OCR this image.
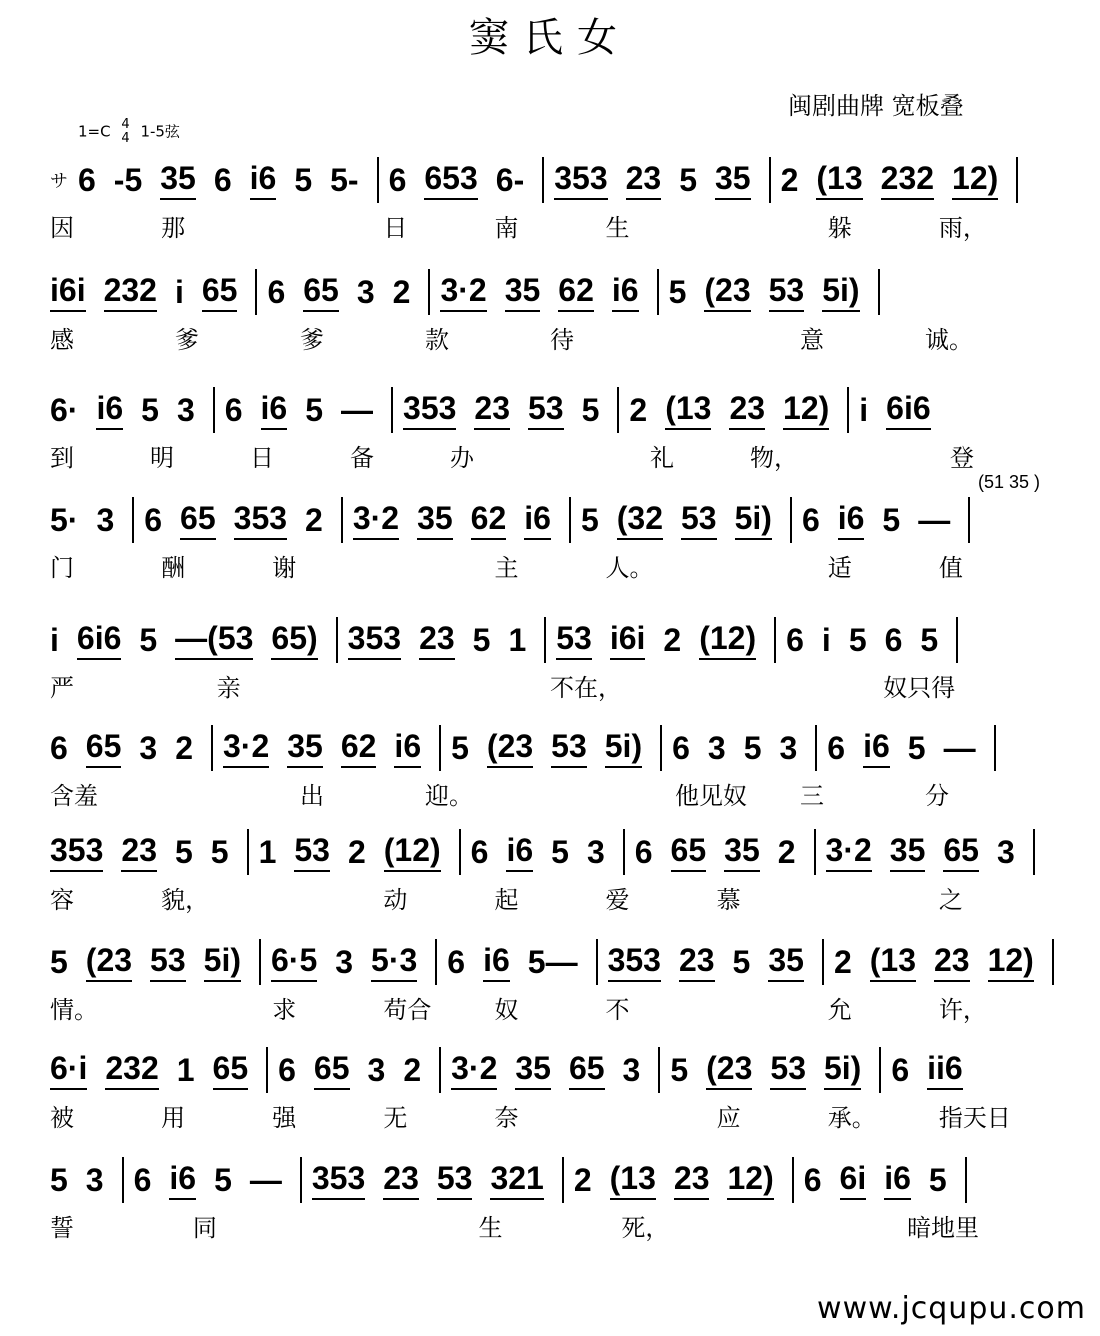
窦氏女
闽剧曲牌 宽板叠
1=C 4
4 1-5弦
サ 6 -5 35 6 i6 5 5- 6 653 6- 353 23 5 35 2 (13 232 12)
因	那	日	南	生	躲	雨，
i6i 232 i 65 6 65 3 2 3·2 35 62 i6 5 (23 53 5i)
感	爹	爹	款	待	意	诚。
6· i6 5 3 6 i6 5 — 353 23 53 5 2 (13 23 12) i 6i6
到	明	日	备	办	礼	物，	登
5· 3 6 65 353 2 3·2 35 62 i6 5 (32 53 5i) 6 i6 5 —
(51 35 )
门	酬	谢	主	人。	适	值
i 6i6 5 —(53 65) 353 23 5 1 53 i6i 2 (12) 6 i 5 6 5
严	亲	不在，	奴只得
6 65 3 2 3·2 35 62 i6 5 (23 53 5i) 6 3 5 3 6 i6 5 —
含羞	出	迎。	他见奴 三	分
353 23 5 5 1 53 2 (12) 6 i6 5 3 6 65 35 2 3·2 35 65 3
容	貌，	动	起	爱	慕	之
5 (23 53 5i) 6·5 3 5·3 6 i6 5— 353 23 5 35 2 (13 23 12)
情。	求	苟合	奴	不	允	许，
6·i 232 1 65 6 65 3 2 3·2 35 65 3 5 (23 53 5i) 6 ii6
被	用	强	无	奈	应	承。	指天日
5 3 6 i6 5 — 353 23 53 321 2 (13 23 12) 6 6i i6 5
誓	同	生	死，	暗地里
www.jcqupu.com
